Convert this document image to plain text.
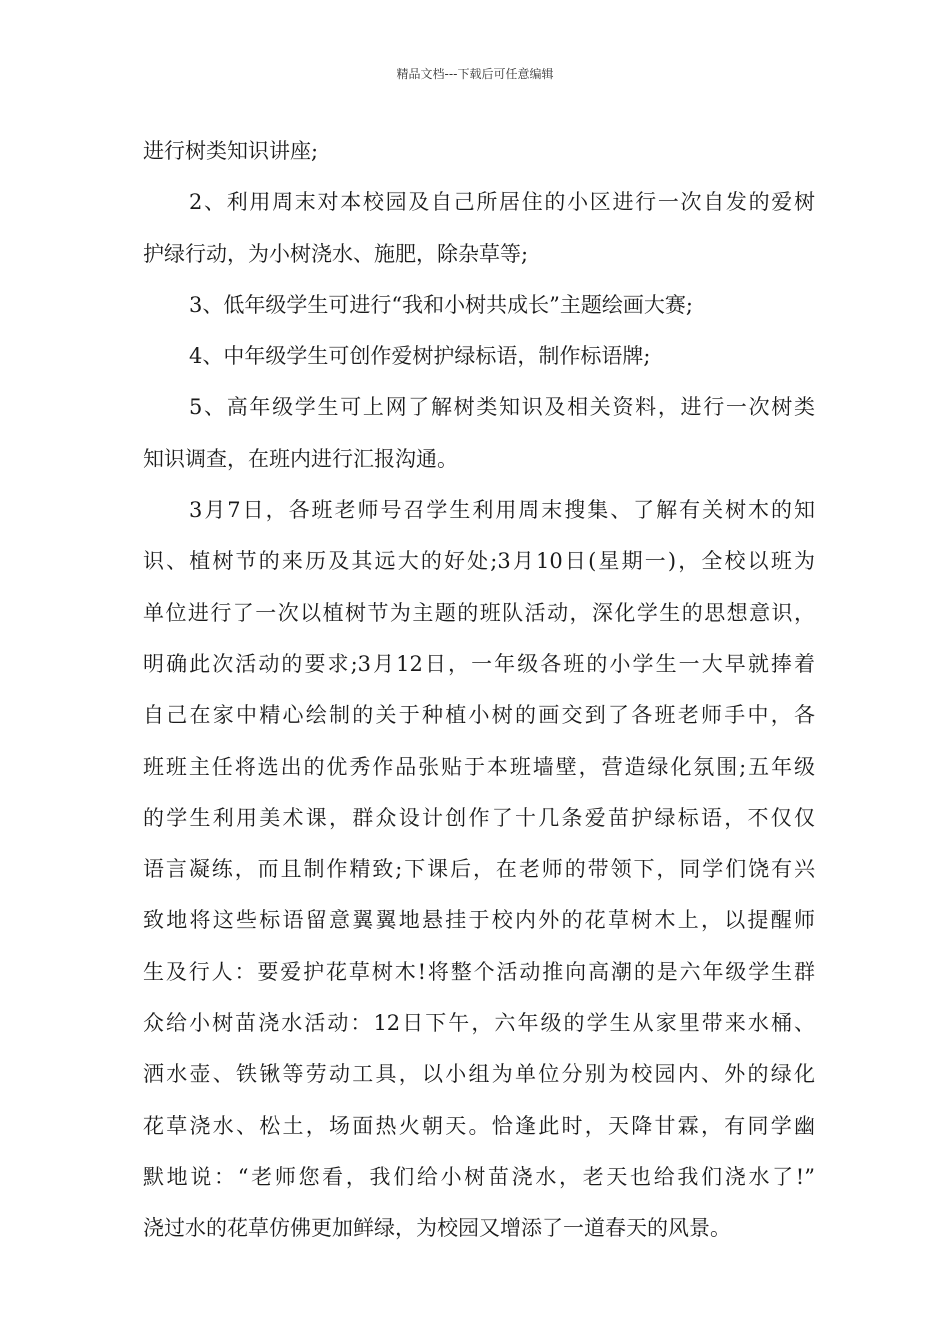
精品文档---下载后可任意编辑
进行树类知识讲座;
2、利用周末对本校园及自己所居住的小区进行一次自发的爱树
护绿行动，为小树浇水、施肥，除杂草等;
3、低年级学生可进行“我和小树共成长”主题绘画大赛;
4、中年级学生可创作爱树护绿标语，制作标语牌;
5、高年级学生可上网了解树类知识及相关资料，进行一次树类
知识调查，在班内进行汇报沟通。
3月7日，各班老师号召学生利用周末搜集、了解有关树木的知
识、植树节的来历及其远大的好处;3月10日(星期一)，全校以班为
单位进行了一次以植树节为主题的班队活动，深化学生的思想意识，
明确此次活动的要求;3月12日，一年级各班的小学生一大早就捧着
自己在家中精心绘制的关于种植小树的画交到了各班老师手中，各
班班主任将选出的优秀作品张贴于本班墙壁，营造绿化氛围;五年级
的学生利用美术课，群众设计创作了十几条爱苗护绿标语，不仅仅
语言凝练，而且制作精致;下课后，在老师的带领下，同学们饶有兴
致地将这些标语留意翼翼地悬挂于校内外的花草树木上，以提醒师
生及行人：要爱护花草树木!将整个活动推向高潮的是六年级学生群
众给小树苗浇水活动：12日下午，六年级的学生从家里带来水桶、
洒水壶、铁锹等劳动工具，以小组为单位分别为校园内、外的绿化
花草浇水、松土，场面热火朝天。恰逢此时，天降甘霖，有同学幽
默地说：“老师您看，我们给小树苗浇水，老天也给我们浇水了!”
浇过水的花草仿佛更加鲜绿，为校园又增添了一道春天的风景。
